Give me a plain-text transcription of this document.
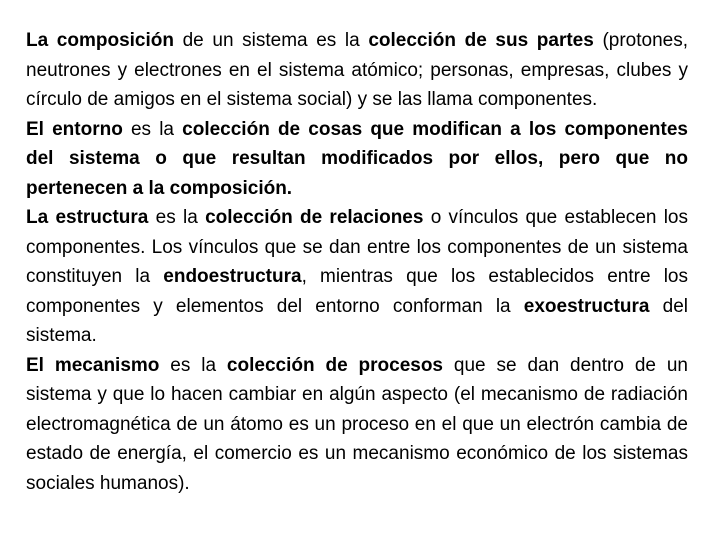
La composición de un sistema es la colección de sus partes (protones, neutrones y electrones en el sistema atómico; personas, empresas, clubes y círculo de amigos en el sistema social) y se las llama componentes.

El entorno es la colección de cosas que modifican a los componentes del sistema o que resultan modificados por ellos, pero que no pertenecen a la composición.

La estructura es la colección de relaciones o vínculos que establecen los componentes. Los vínculos que se dan entre los componentes de un sistema constituyen la endoestructura, mientras que los establecidos entre los componentes y elementos del entorno conforman la exoestructura del sistema.

El mecanismo es la colección de procesos que se dan dentro de un sistema y que lo hacen cambiar en algún aspecto (el mecanismo de radiación electromagnética de un átomo es un proceso en el que un electrón cambia de estado de energía, el comercio es un mecanismo económico de los sistemas sociales humanos).
